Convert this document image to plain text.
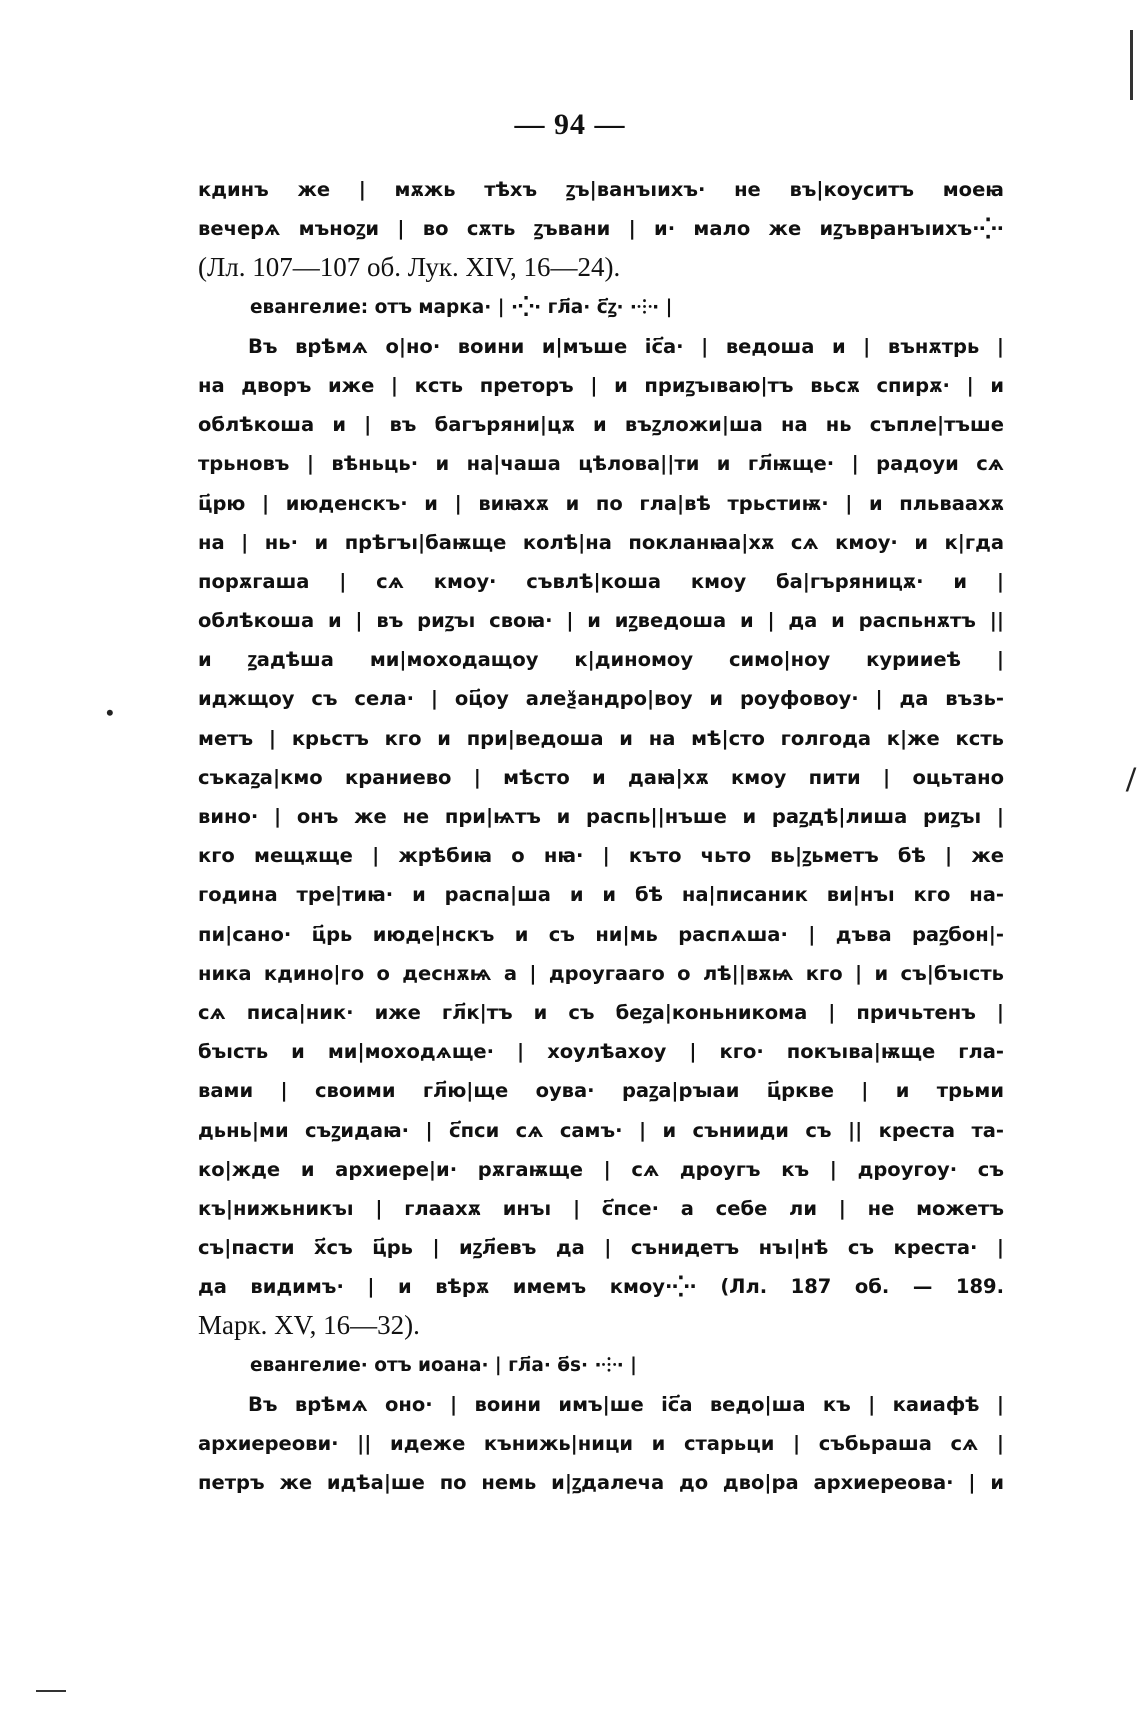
/
•
— 94 —
кдинъ же | мѫжь тѣхъ ꙁъ|ванъıихъ· не въ|коуситъ моеꙗ
вечерѧ мъноꙁи | во сѫть ꙁъвани | и· мало же иꙁъвранъıихъ·⁛·
(Лл. 107—107 об. Лук. XIV, 16—24).
евангелие: отъ марка· | ·⁛· гл҃а· с҃ꙁ· ·⸭· |
Въ врѣмѧ о|но· воини и|мъше іс҃а· | ведоша и | вънѫтрь |
на дворъ иже | ксть преторъ | и приꙁъıваю|тъ вьсѫ спирѫ· | и
облѣкоша и | въ багъряни|цѫ и въꙁложи|ша на нь съпле|тъше
трьновъ | вѣньць· и на|чаша цѣлова||ти и гл҃ѭще· | радоуи сѧ
ц҃рю | июденскъ· и | виꙗхѫ и по гла|вѣ трьстиѭ· | и пльваахѫ
на | нь· и прѣгъı|баѭще колѣ|на покланꙗа|хѫ сѧ кмоу· и к|гда
порѫгаша | сѧ кмоу· съвлѣ|коша кмоу ба|гъряницѫ· и |
облѣкоша и | въ риꙁъı своꙗ· | и иꙁведоша и | да и распьнѫтъ ||
и ꙁадѣша ми|моходащоу к|диномоу симо|ноу курииеѣ |
иджщоу съ села· | оц҃оу алеѯандро|воу и роуфовоу· | да възь-
метъ | крьстъ кго и при|ведоша и на мѣ|сто голгода к|же ксть
съкаꙁа|кмо краниево | мѣсто и даꙗ|хѫ кмоу пити | оцьтано
вино· | онъ же не при|ѩтъ и распь||нъше и раꙁдѣ|лиша риꙁъı |
кго мещѫще | жрѣбиꙗ о нꙗ· | къто чьто вь|ꙁьметъ бѣ | же
годинa тре|тиꙗ· и распа|ша и и бѣ на|писаник ви|нъı кго на-
пи|сано· ц҃рь июде|нскъ и съ ни|мь распѧша· | дъва раꙁбон|-
ника кдино|го о деснѫѩ а | дроугаaго о лѣ||вѫѩ кго | и съ|бъıсть
сѧ писа|ник· иже гл҃к|тъ и съ беꙁа|коньникома | причьтенъ |
бъıсть и ми|моходѧще· | хоулѣахоу | кго· покъıва|ѭще гла-
вами | своими гл҃ю|ще оува· раꙁа|рꙑаи ц҃ркве | и трьми
дьнь|ми съꙁидаꙗ· | с҃пси сѧ самъ· | и сънииди съ || креста та-
ко|жде и архиере|и· рѫгаѭще | сѧ дроугъ къ | дроугоу· съ
къ|нижьникъı | глаахѫ инъı | с҃псе· а себе ли | не можетъ
съ|пасти х҃съ ц҃рь | иꙁл҃евъ да | сънидетъ нъı|нѣ съ креста· |
да видимъ· | и вѣрѫ имемъ кмоу·⁛· (Лл. 187 об. — 189.
Марк. XV, 16—32).
евангелие· отъ иоана· | гл҃а· ѳ҃s· ·⸭· |
Въ врѣмѧ оно· | воини имъ|ше іс҃а ведо|ша къ | каиафѣ |
архиереови· || идеже кънижь|ници и старьци | събьраша сѧ |
петръ же идѣа|ше по немь и|ꙁдалеча до дво|ра архиереова· | и
